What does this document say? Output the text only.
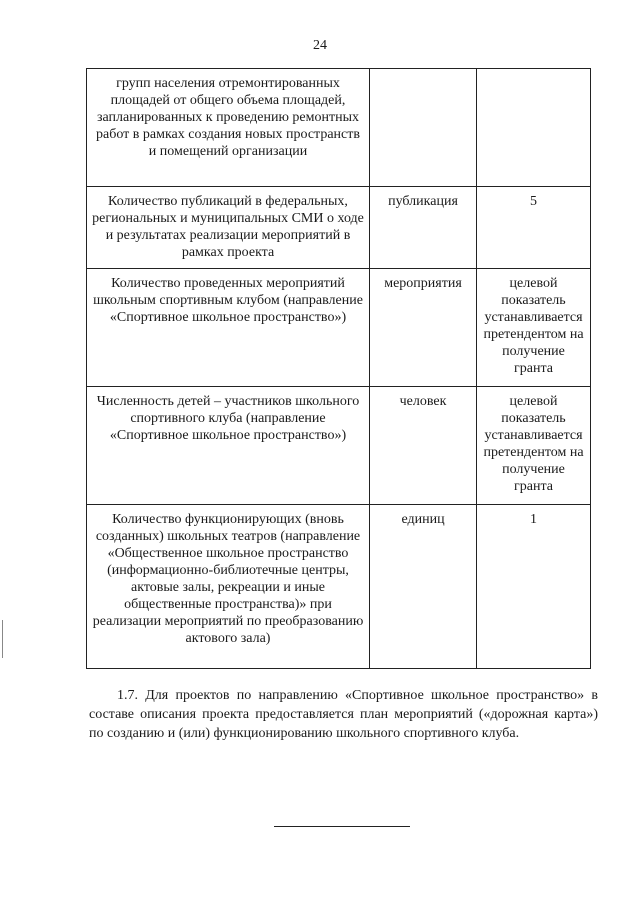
24
групп населения отремонтированных площадей от общего объема площадей, запланированных к проведению ремонтных работ в рамках создания новых пространств и помещений организации		
Количество публикаций в федеральных, региональных и муниципальных СМИ о ходе и результатах реализации мероприятий в рамках проекта	публикация	5
Количество проведенных мероприятий школьным спортивным клубом (направление «Спортивное школьное пространство»)	мероприятия	целевой показатель устанавливается претендентом на получение гранта
Численность детей – участников школьного спортивного клуба (направление «Спортивное школьное пространство»)	человек	целевой показатель устанавливается претендентом на получение гранта
Количество функционирующих (вновь созданных) школьных театров (направление «Общественное школьное пространство (информационно-библиотечные центры, актовые залы, рекреации и иные общественные пространства)» при реализации мероприятий по преобразованию актового зала)	единиц	1

1.7. Для проектов по направлению «Спортивное школьное пространство» в составе описания проекта предоставляется план мероприятий («дорожная карта») по созданию и (или) функционированию школьного спортивного клуба.
